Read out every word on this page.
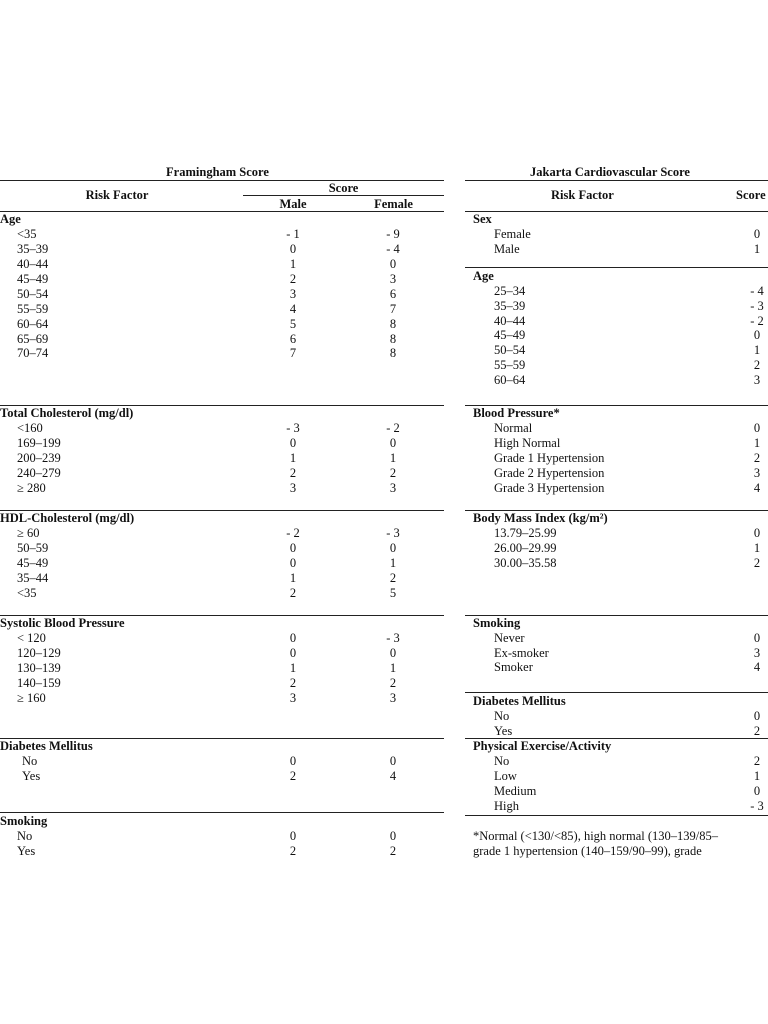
Framingham Score
Risk Factor	Score
Male	Female
Age
<35	- 1	- 9
35–39	0	- 4
40–44	1	0
45–49	2	3
50–54	3	6
55–59	4	7
60–64	5	8
65–69	6	8
70–74	7	8
Total Cholesterol (mg/dl)
<160	- 3	- 2
169–199	0	0
200–239	1	1
240–279	2	2
≥ 280	3	3
HDL-Cholesterol (mg/dl)
≥ 60	- 2	- 3
50–59	0	0
45–49	0	1
35–44	1	2
<35	2	5
Systolic Blood Pressure
< 120	0	- 3
120–129	0	0
130–139	1	1
140–159	2	2
≥ 160	3	3
Diabetes Mellitus
No	0	0
Yes	2	4
Smoking
No	0	0
Yes	2	2
Jakarta Cardiovascular Score
Risk Factor	Score
Sex
Female	0
Male	1
Age
25–34	- 4
35–39	- 3
40–44	- 2
45–49	0
50–54	1
55–59	2
60–64	3
Blood Pressure*
Normal	0
High Normal	1
Grade 1 Hypertension	2
Grade 2 Hypertension	3
Grade 3 Hypertension	4
Body Mass Index (kg/m²)
13.79–25.99	0
26.00–29.99	1
30.00–35.58	2
Smoking
Never	0
Ex-smoker	3
Smoker	4
Diabetes Mellitus
No	0
Yes	2
Physical Exercise/Activity
No	2
Low	1
Medium	0
High	- 3
*Normal (<130/<85), high normal (130–139/85–
grade 1 hypertension (140–159/90–99), grade
